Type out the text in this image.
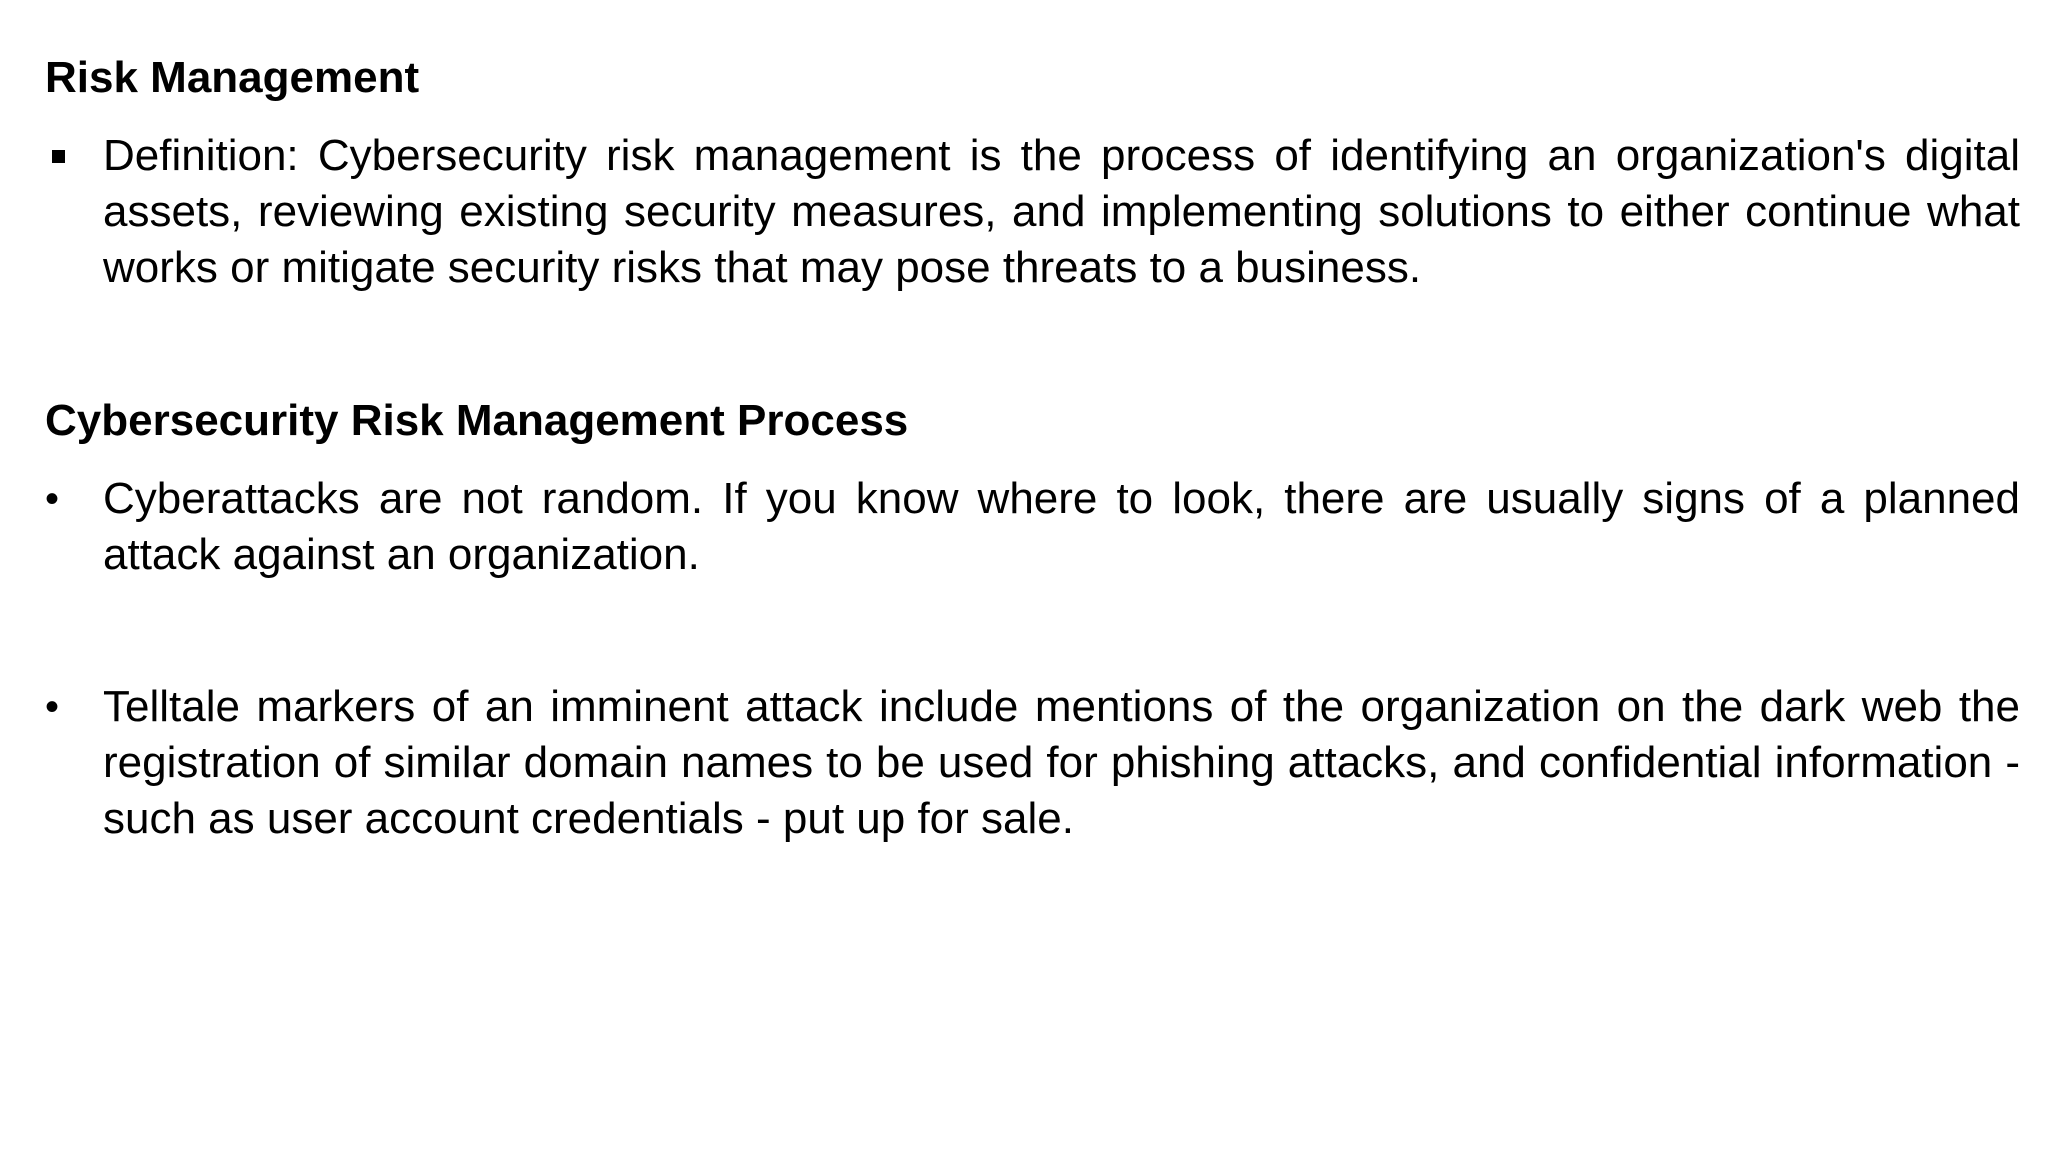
Risk Management
Definition: Cybersecurity risk management is the process of identifying an organization's digital assets, reviewing existing security measures, and implementing solutions to either continue what works or mitigate security risks that may pose threats to a business.
Cybersecurity Risk Management Process
• Cyberattacks are not random. If you know where to look, there are usually signs of a planned attack against an organization.
• Telltale markers of an imminent attack include mentions of the organization on the dark web the registration of similar domain names to be used for phishing attacks, and confidential information - such as user account credentials - put up for sale.
